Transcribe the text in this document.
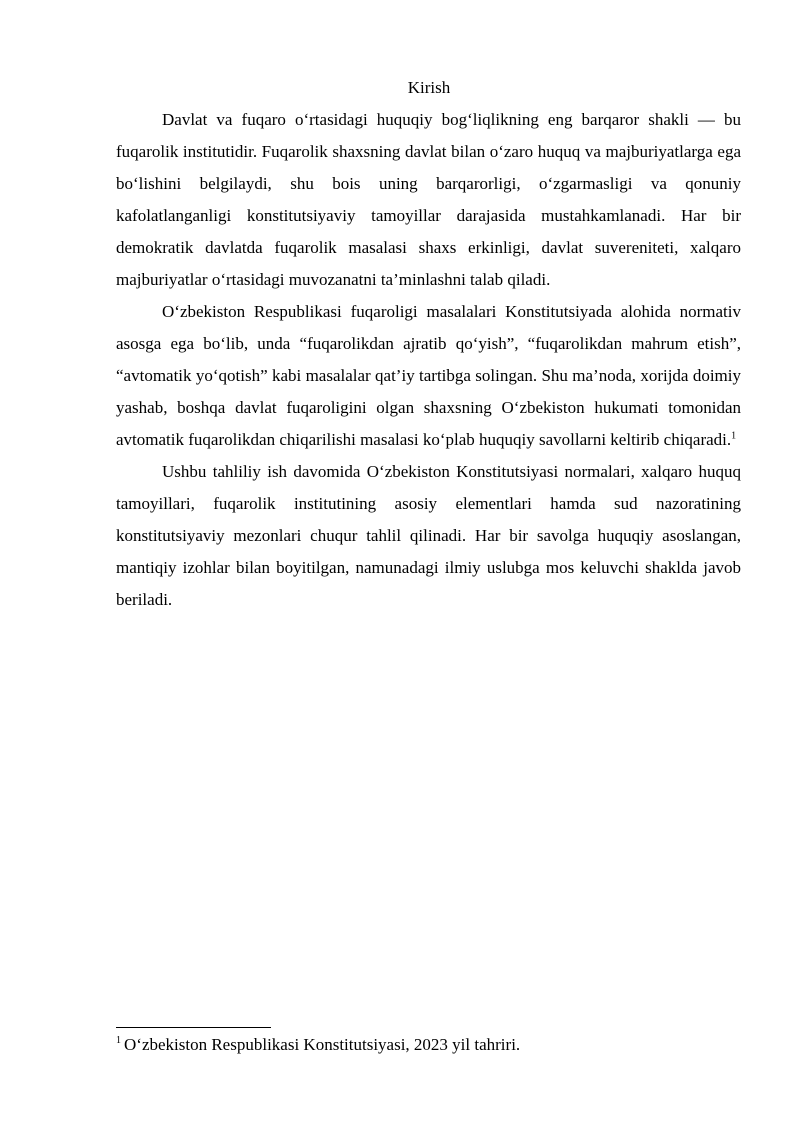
Kirish

Davlat va fuqaro o‘rtasidagi huquqiy bog‘liqlikning eng barqaror shakli — bu fuqarolik institutidir. Fuqarolik shaxsning davlat bilan o‘zaro huquq va majburiyatlarga ega bo‘lishini belgilaydi, shu bois uning barqarorligi, o‘zgarmasligi va qonuniy kafolatlanganligi konstitutsiyaviy tamoyillar darajasida mustahkamlanadi. Har bir demokratik davlatda fuqarolik masalasi shaxs erkinligi, davlat suvereniteti, xalqaro majburiyatlar o‘rtasidagi muvozanatni ta’minlashni talab qiladi.

O‘zbekiston Respublikasi fuqaroligi masalalari Konstitutsiyada alohida normativ asosga ega bo‘lib, unda “fuqarolikdan ajratib qo‘yish”, “fuqarolikdan mahrum etish”, “avtomatik yo‘qotish” kabi masalalar qat’iy tartibga solingan. Shu ma’noda, xorijda doimiy yashab, boshqa davlat fuqaroligini olgan shaxsning O‘zbekiston hukumati tomonidan avtomatik fuqarolikdan chiqarilishi masalasi ko‘plab huquqiy savollarni keltirib chiqaradi.$^1$

Ushbu tahliliy ish davomida O‘zbekiston Konstitutsiyasi normalari, xalqaro huquq tamoyillari, fuqarolik institutining asosiy elementlari hamda sud nazoratining konstitutsiyaviy mezonlari chuqur tahlil qilinadi. Har bir savolga huquqiy asoslangan, mantiqiy izohlar bilan boyitilgan, namunadagi ilmiy uslubga mos keluvchi shaklda javob beriladi.

$^1$ O‘zbekiston Respublikasi Konstitutsiyasi, 2023 yil tahriri.
